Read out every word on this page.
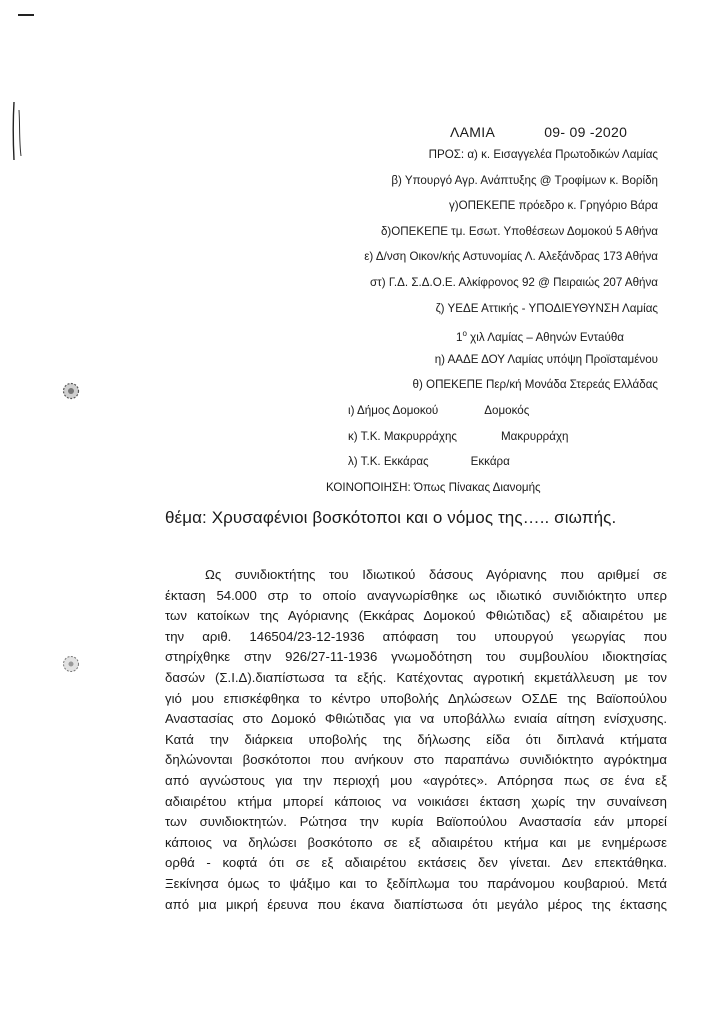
ΛΑΜΙΑ	09- 09 -2020
ΠΡΟΣ: α) κ. Εισαγγελέα Πρωτοδικών Λαμίας
β) Υπουργό Αγρ. Ανάπτυξης @ Τροφίμων κ. Βορίδη
γ)ΟΠΕΚΕΠΕ πρόεδρο κ. Γρηγόριο Βάρα
δ)ΟΠΕΚΕΠΕ τμ. Εσωτ. Υποθέσεων Δομοκού 5 Αθήνα
ε) Δ/νση Οικον/κής Αστυνομίας Λ. Αλεξάνδρας 173 Αθήνα
στ) Γ.Δ. Σ.Δ.Ο.Ε. Αλκίφρονος 92 @ Πειραιώς 207 Αθήνα
ζ) ΥΕΔΕ Αττικής - ΥΠΟΔΙΕΥΘΥΝΣΗ Λαμίας
$1^o$ χιλ Λαμίας – Αθηνών Εντaύθα
η) ΑΑΔΕ ΔΟΥ Λαμίας υπόψη Προϊσταμένου
θ) ΟΠΕΚΕΠΕ Περ/κή Μονάδα Στερεάς Ελλάδας
ι) Δήμος Δομοκού	Δομοκός
κ) Τ.Κ. Μακρυρράχης	Μακρυρράχη
λ) Τ.Κ. Εκκάρας	Εκκάρα
ΚΟΙΝΟΠΟΙΗΣΗ: Όπως Πίνακας Διανομής
θέμα: Χρυσαφένιοι βοσκότοποι και ο νόμος της….. σιωπής.
Ως συνιδιοκτήτης του Ιδιωτικού δάσους Αγόριανης που αριθμεί σε
έκταση 54.000 στρ το οποίο αναγνωρίσθηκε ως ιδιωτικό συνιδιόκτητο υπερ
των κατοίκων της Αγόριανης (Εκκάρας Δομοκού Φθιώτιδας) εξ αδιαιρέτου με
την αριθ. 146504/23-12-1936 απόφαση του υπουργού γεωργίας που
στηρίχθηκε στην 926/27-11-1936 γνωμοδότηση του συμβουλίου ιδιοκτησίας
δασών (Σ.Ι.Δ).διαπίστωσα τα εξής. Κατέχοντας αγροτική εκμετάλλευση με τον
γιό μου επισκέφθηκα το κέντρο υποβολής Δηλώσεων ΟΣΔΕ της Βαϊοπούλου
Αναστασίας στο Δομοκό Φθιώτιδας για να υποβάλλω ενιαία αίτηση ενίσχυσης.
Κατά την διάρκεια υποβολής της δήλωσης είδα ότι διπλανά κτήματα
δηλώνονται βοσκότοποι που ανήκουν στο παραπάνω συνιδιόκτητο αγρόκτημα
από αγνώστους για την περιοχή μου «αγρότες». Απόρησα πως σε ένα εξ
αδιαιρέτου κτήμα μπορεί κάποιος να νοικιάσει έκταση χωρίς την συναίνεση
των συνιδιοκτητών. Ρώτησα την κυρία Βαϊοπούλου Αναστασία εάν μπορεί
κάποιος να δηλώσει βοσκότοπο σε εξ αδιαιρέτου κτήμα και με ενημέρωσε
ορθά - κοφτά ότι σε εξ αδιαιρέτου εκτάσεις δεν γίνεται. Δεν επεκτάθηκα.
Ξεκίνησα όμως το ψάξιμο και το ξεδίπλωμα του παράνομου κουβαριού. Μετά
από μια μικρή έρευνα που έκανα διαπίστωσα ότι μεγάλο μέρος της έκτασης
